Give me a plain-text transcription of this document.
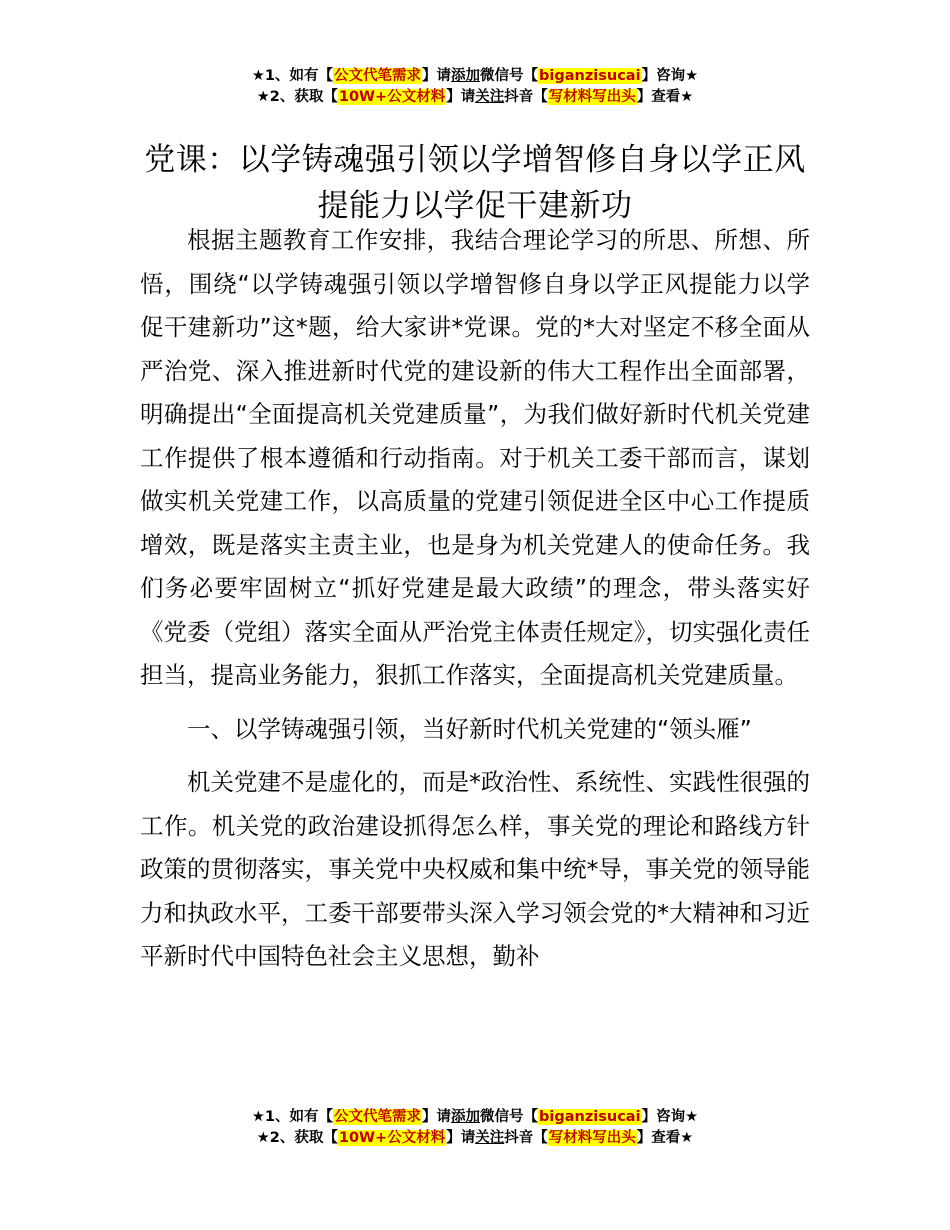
★1、如有【公文代笔需求】请添加微信号【biganzisucai】咨询★
★2、获取【10W+公文材料】请关注抖音【写材料写出头】查看★
党课：以学铸魂强引领以学增智修自身以学正风提能力以学促干建新功

根据主题教育工作安排，我结合理论学习的所思、所想、所悟，围绕“以学铸魂强引领以学增智修自身以学正风提能力以学促干建新功”这*题，给大家讲*党课。党的*大对坚定不移全面从严治党、深入推进新时代党的建设新的伟大工程作出全面部署，明确提出“全面提高机关党建质量”，为我们做好新时代机关党建工作提供了根本遵循和行动指南。对于机关工委干部而言，谋划做实机关党建工作，以高质量的党建引领促进全区中心工作提质增效，既是落实主责主业，也是身为机关党建人的使命任务。我们务必要牢固树立“抓好党建是最大政绩”的理念，带头落实好《党委（党组）落实全面从严治党主体责任规定》，切实强化责任担当，提高业务能力，狠抓工作落实，全面提高机关党建质量。

一、以学铸魂强引领，当好新时代机关党建的“领头雁”

机关党建不是虚化的，而是*政治性、系统性、实践性很强的工作。机关党的政治建设抓得怎么样，事关党的理论和路线方针政策的贯彻落实，事关党中央权威和集中统*导，事关党的领导能力和执政水平，工委干部要带头深入学习领会党的*大精神和习近平新时代中国特色社会主义思想，勤补

★1、如有【公文代笔需求】请添加微信号【biganzisucai】咨询★
★2、获取【10W+公文材料】请关注抖音【写材料写出头】查看★
